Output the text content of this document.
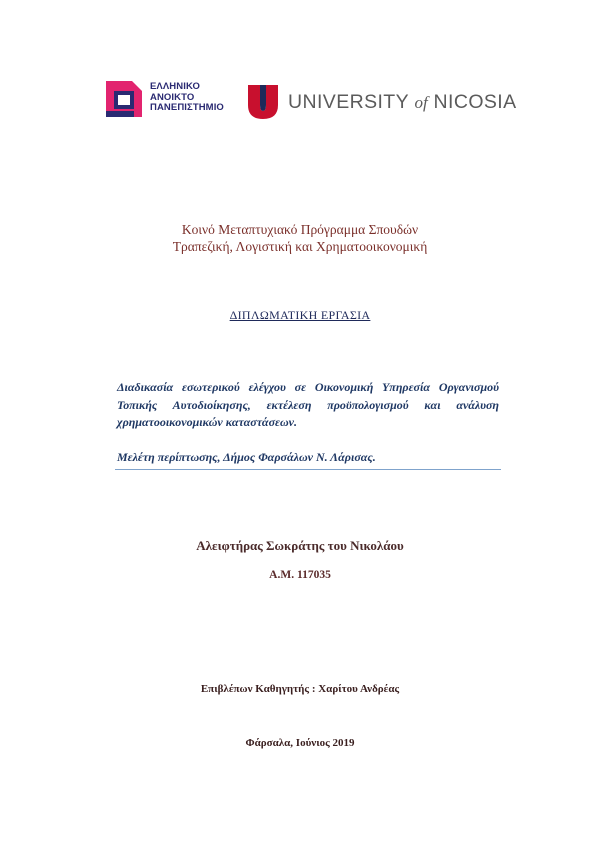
ΕΛΛΗΝΙΚΟ
ΑΝΟΙΚΤΟ
ΠΑΝΕΠΙΣΤΗΜΙΟ	UNIVERSITY of NICOSIA
Κοινό Μεταπτυχιακό Πρόγραμμα Σπουδών
Τραπεζική, Λογιστική και Χρηματοοικονομική
ΔΙΠΛΩΜΑΤΙΚΗ ΕΡΓΑΣΙΑ
Διαδικασία εσωτερικού ελέγχου σε Οικονομική Υπηρεσία Οργανισμού Τοπικής Αυτοδιοίκησης, εκτέλεση προϋπολογισμού και ανάλυση χρηματοοικονομικών καταστάσεων.
Μελέτη περίπτωσης, Δήμος Φαρσάλων Ν. Λάρισας.
Αλειφτήρας Σωκράτης του Νικολάου
Α.Μ. 117035
Επιβλέπων Καθηγητής : Χαρίτου Ανδρέας
Φάρσαλα, Ιούνιος 2019
